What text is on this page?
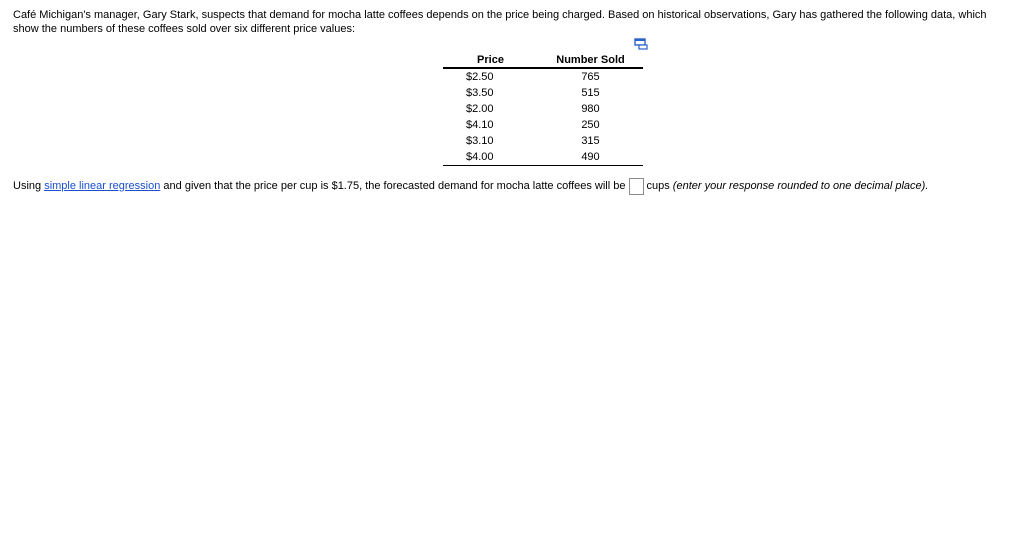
Café Michigan's manager, Gary Stark, suspects that demand for mocha latte coffees depends on the price being charged. Based on historical observations, Gary has gathered the following data, which show the numbers of these coffees sold over six different price values:

Price	Number Sold
$2.50	765
$3.50	515
$2.00	980
$4.10	250
$3.10	315
$4.00	490
Using simple linear regression and given that the price per cup is $1.75, the forecasted demand for mocha latte coffees will be cups (enter your response rounded to one decimal place).
